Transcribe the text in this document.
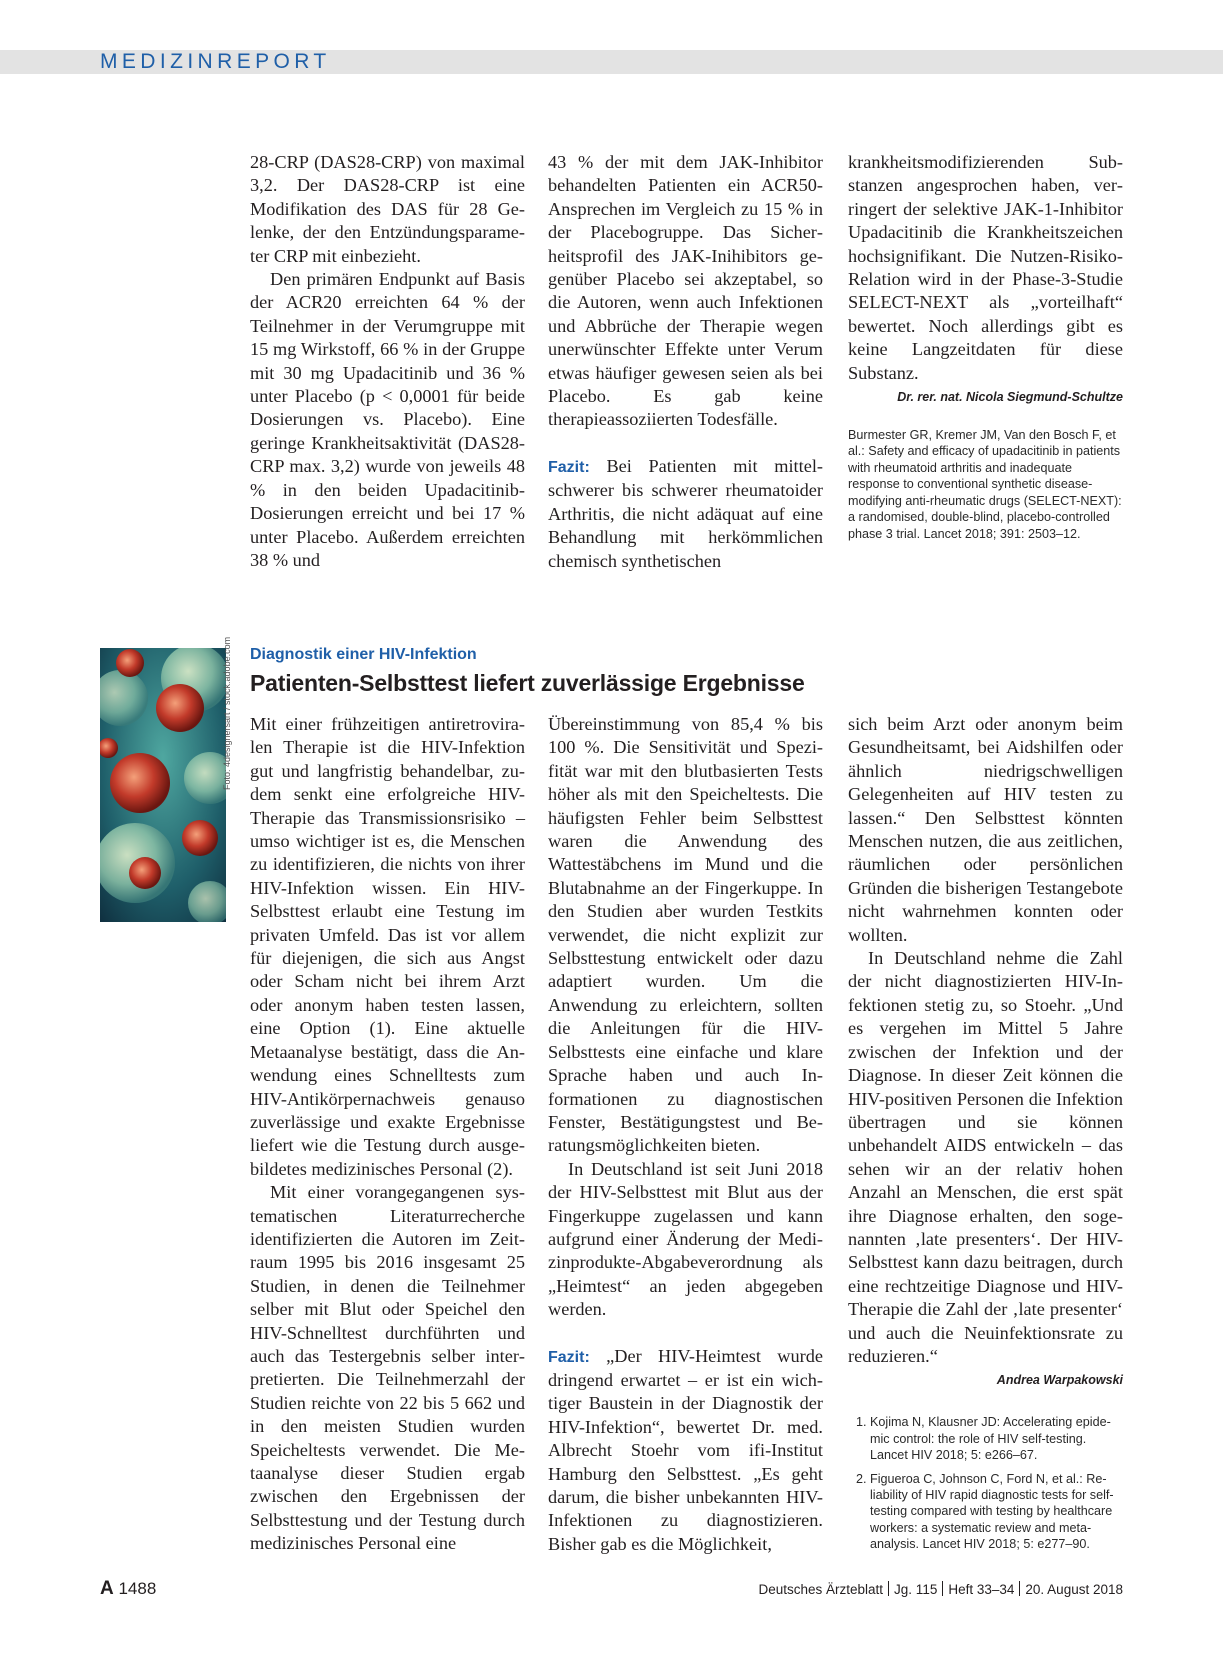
MEDIZINREPORT

28-CRP (DAS28-CRP) von maximal 3,2. Der DAS28-CRP ist eine Modifikation des DAS für 28 Gelenke, der den Entzündungsparameter CRP mit einbezieht.

Den primären Endpunkt auf Basis der ACR20 erreichten 64 % der Teilnehmer in der Verumgruppe mit 15 mg Wirkstoff, 66 % in der Gruppe mit 30 mg Upadacitinib und 36 % unter Placebo (p < 0,0001 für beide Dosierungen vs. Placebo). Eine geringe Krankheitsaktivität (DAS28-CRP max. 3,2) wurde von jeweils 48 % in den beiden Upadacitinib-Dosierungen erreicht und bei 17 % unter Placebo. Außerdem erreichten 38 % und

43 % der mit dem JAK-Inhibitor behandelten Patienten ein ACR50-Ansprechen im Vergleich zu 15 % in der Placebogruppe. Das Sicherheitsprofil des JAK-Inihibitors gegenüber Placebo sei akzeptabel, so die Autoren, wenn auch Infektionen und Abbrüche der Therapie wegen unerwünschter Effekte unter Verum etwas häufiger gewesen seien als bei Placebo. Es gab keine therapieassoziierten Todesfälle.

Fazit: Bei Patienten mit mittelschwerer bis schwerer rheumatoider Arthritis, die nicht adäquat auf eine Behandlung mit herkömmlichen chemisch synthetischen

krankheitsmodifizierenden Substanzen angesprochen haben, verringert der selektive JAK-1-Inhibitor Upadacitinib die Krankheitszeichen hochsignifikant. Die Nutzen-Risiko-Relation wird in der Phase-3-Studie SELECT-NEXT als „vorteilhaft“ bewertet. Noch allerdings gibt es keine Langzeitdaten für diese Substanz.

Dr. rer. nat. Nicola Siegmund-Schultze
Burmester GR, Kremer JM, Van den Bosch F, et al.: Safety and efficacy of upadacitinib in patients with rheumatoid arthritis and inadequate response to conventional synthetic disease-modifying anti-rheumatic drugs (SELECT-NEXT): a randomised, double-blind, placebo-controlled phase 3 trial. Lancet 2018; 391: 2503–12.
Foto: 4designersart / stock.adobe.com Diagnostik einer HIV-Infektion
Patienten-Selbsttest liefert zuverlässige Ergebnisse

Mit einer frühzeitigen antiretroviralen Therapie ist die HIV-Infektion gut und langfristig behandelbar, zudem senkt eine erfolgreiche HIV-Therapie das Transmissionsrisiko – umso wichtiger ist es, die Menschen zu identifizieren, die nichts von ihrer HIV-Infektion wissen. Ein HIV-Selbsttest erlaubt eine Testung im privaten Umfeld. Das ist vor allem für diejenigen, die sich aus Angst oder Scham nicht bei ihrem Arzt oder anonym haben testen lassen, eine Option (1). Eine aktuelle Metaanalyse bestätigt, dass die Anwendung eines Schnelltests zum HIV-Antikörpernachweis genauso zuverlässige und exakte Ergebnisse liefert wie die Testung durch ausgebildetes medizinisches Personal (2).

Mit einer vorangegangenen systematischen Literaturrecherche identifizierten die Autoren im Zeitraum 1995 bis 2016 insgesamt 25 Studien, in denen die Teilnehmer selber mit Blut oder Speichel den HIV-Schnelltest durchführten und auch das Testergebnis selber interpretierten. Die Teilnehmerzahl der Studien reichte von 22 bis 5 662 und in den meisten Studien wurden Speicheltests verwendet. Die Metaanalyse dieser Studien ergab zwischen den Ergebnissen der Selbsttestung und der Testung durch medizinisches Personal eine

Übereinstimmung von 85,4 % bis 100 %. Die Sensitivität und Spezifität war mit den blutbasierten Tests höher als mit den Speicheltests. Die häufigsten Fehler beim Selbsttest waren die Anwendung des Wattestäbchens im Mund und die Blutabnahme an der Fingerkuppe. In den Studien aber wurden Testkits verwendet, die nicht explizit zur Selbsttestung entwickelt oder dazu adaptiert wurden. Um die Anwendung zu erleichtern, sollten die Anleitungen für die HIV-Selbsttests eine einfache und klare Sprache haben und auch Informationen zu diagnostischen Fenster, Bestätigungstest und Beratungsmöglichkeiten bieten.

In Deutschland ist seit Juni 2018 der HIV-Selbsttest mit Blut aus der Fingerkuppe zugelassen und kann aufgrund einer Änderung der Medizinprodukte-Abgabeverordnung als „Heimtest“ an jeden abgegeben werden.

Fazit: „Der HIV-Heimtest wurde dringend erwartet – er ist ein wichtiger Baustein in der Diagnostik der HIV-Infektion“, bewertet Dr. med. Albrecht Stoehr vom ifi-Institut Hamburg den Selbsttest. „Es geht darum, die bisher unbekannten HIV-Infektionen zu diagnostizieren. Bisher gab es die Möglichkeit,

sich beim Arzt oder anonym beim Gesundheitsamt, bei Aidshilfen oder ähnlich niedrigschwelligen Gelegenheiten auf HIV testen zu lassen.“ Den Selbsttest könnten Menschen nutzen, die aus zeitlichen, räumlichen oder persönlichen Gründen die bisherigen Testangebote nicht wahrnehmen konnten oder wollten.

In Deutschland nehme die Zahl der nicht diagnostizierten HIV-Infektionen stetig zu, so Stoehr. „Und es vergehen im Mittel 5 Jahre zwischen der Infektion und der Diagnose. In dieser Zeit können die HIV-positiven Personen die Infektion übertragen und sie können unbehandelt AIDS entwickeln – das sehen wir an der relativ hohen Anzahl an Menschen, die erst spät ihre Diagnose erhalten, den sogenannten ‚late presenters‘. Der HIV-Selbsttest kann dazu beitragen, durch eine rechtzeitige Diagnose und HIV-Therapie die Zahl der ‚late presenter‘ und auch die Neuinfektionsrate zu reduzieren.“

Andrea Warpakowski
1. Kojima N, Klausner JD: Accelerating epidemic control: the role of HIV self-testing. Lancet HIV 2018; 5: e266–67.
2. Figueroa C, Johnson C, Ford N, et al.: Reliability of HIV rapid diagnostic tests for self-testing compared with testing by healthcare workers: a systematic review and meta-analysis. Lancet HIV 2018; 5: e277–90.
A 1488	Deutsches Ärzteblatt Jg. 115 Heft 33–34 20. August 2018
